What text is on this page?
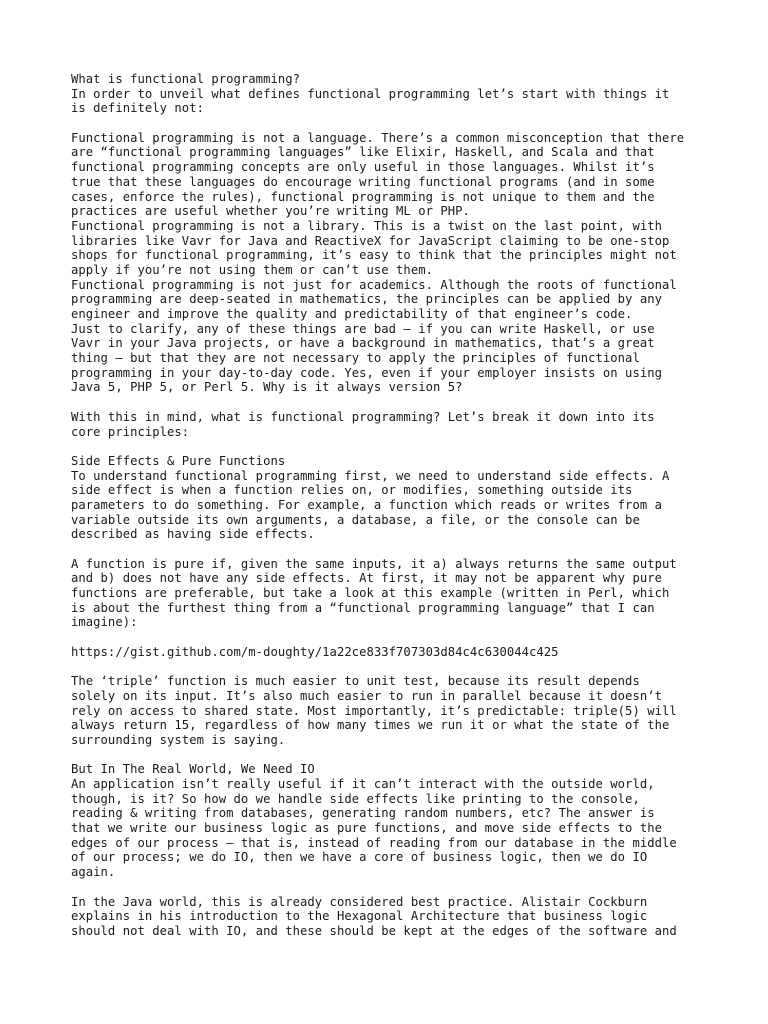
What is functional programming?
In order to unveil what defines functional programming let’s start with things it
is definitely not:
Functional programming is not a language. There’s a common misconception that there
are “functional programming languages” like Elixir, Haskell, and Scala and that
functional programming concepts are only useful in those languages. Whilst it’s
true that these languages do encourage writing functional programs (and in some
cases, enforce the rules), functional programming is not unique to them and the
practices are useful whether you’re writing ML or PHP.
Functional programming is not a library. This is a twist on the last point, with
libraries like Vavr for Java and ReactiveX for JavaScript claiming to be one-stop
shops for functional programming, it’s easy to think that the principles might not
apply if you’re not using them or can’t use them.
Functional programming is not just for academics. Although the roots of functional
programming are deep-seated in mathematics, the principles can be applied by any
engineer and improve the quality and predictability of that engineer’s code.
Just to clarify, any of these things are bad — if you can write Haskell, or use
Vavr in your Java projects, or have a background in mathematics, that’s a great
thing — but that they are not necessary to apply the principles of functional
programming in your day-to-day code. Yes, even if your employer insists on using
Java 5, PHP 5, or Perl 5. Why is it always version 5?
With this in mind, what is functional programming? Let’s break it down into its
core principles:
Side Effects & Pure Functions
To understand functional programming first, we need to understand side effects. A
side effect is when a function relies on, or modifies, something outside its
parameters to do something. For example, a function which reads or writes from a
variable outside its own arguments, a database, a file, or the console can be
described as having side effects.
A function is pure if, given the same inputs, it a) always returns the same output
and b) does not have any side effects. At first, it may not be apparent why pure
functions are preferable, but take a look at this example (written in Perl, which
is about the furthest thing from a “functional programming language” that I can
imagine):
https://gist.github.com/m-doughty/1a22ce833f707303d84c4c630044c425
The ‘triple’ function is much easier to unit test, because its result depends
solely on its input. It’s also much easier to run in parallel because it doesn’t
rely on access to shared state. Most importantly, it’s predictable: triple(5) will
always return 15, regardless of how many times we run it or what the state of the
surrounding system is saying.
But In The Real World, We Need IO
An application isn’t really useful if it can’t interact with the outside world,
though, is it? So how do we handle side effects like printing to the console,
reading & writing from databases, generating random numbers, etc? The answer is
that we write our business logic as pure functions, and move side effects to the
edges of our process — that is, instead of reading from our database in the middle
of our process; we do IO, then we have a core of business logic, then we do IO
again.
In the Java world, this is already considered best practice. Alistair Cockburn
explains in his introduction to the Hexagonal Architecture that business logic
should not deal with IO, and these should be kept at the edges of the software and
